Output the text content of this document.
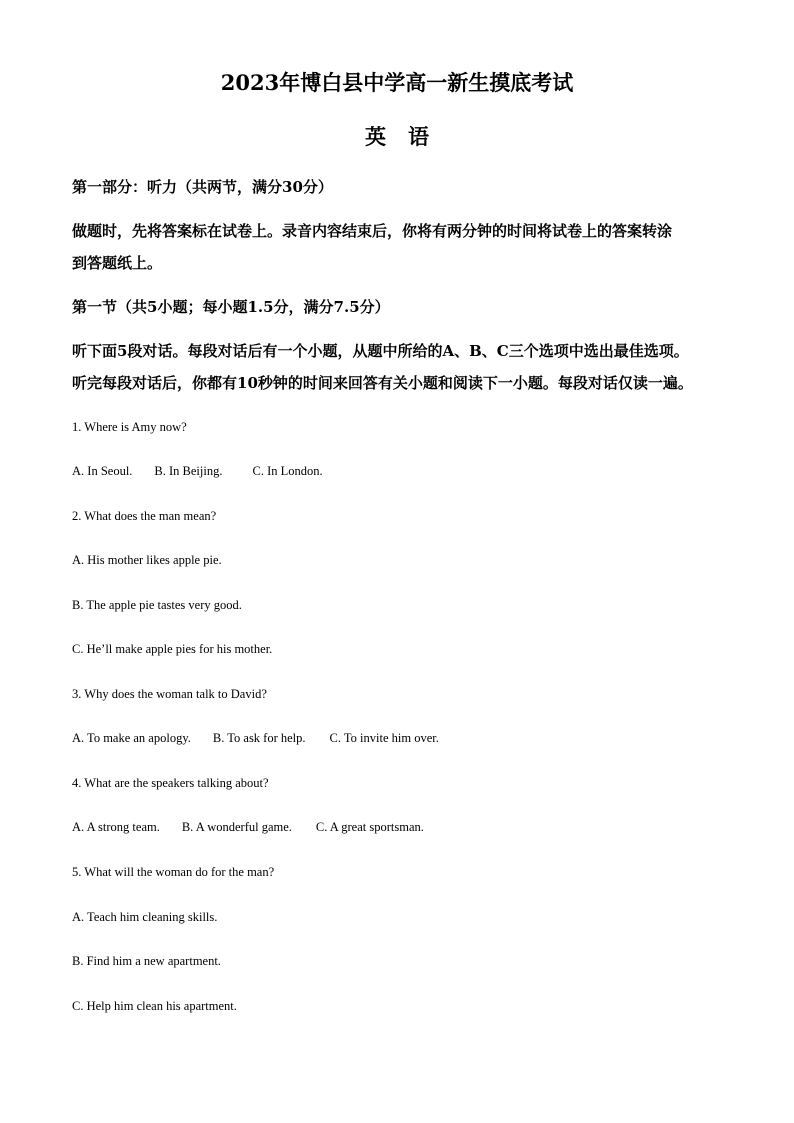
2023年博白县中学高一新生摸底考试
英 语
第一部分：听力（共两节，满分30分）
做题时，先将答案标在试卷上。录音内容结束后，你将有两分钟的时间将试卷上的答案转涂
到答题纸上。
第一节（共5小题；每小题1.5分，满分7.5分）
听下面5段对话。每段对话后有一个小题，从题中所给的A、B、C三个选项中选出最佳选项。
听完每段对话后，你都有10秒钟的时间来回答有关小题和阅读下一小题。每段对话仅读一遍。
1. Where is Amy now?
A. In Seoul. B. In Beijing. C. In London.
2. What does the man mean?
A. His mother likes apple pie.
B. The apple pie tastes very good.
C. He’ll make apple pies for his mother.
3. Why does the woman talk to David?
A. To make an apology. B. To ask for help. C. To invite him over.
4. What are the speakers talking about?
A. A strong team. B. A wonderful game. C. A great sportsman.
5. What will the woman do for the man?
A. Teach him cleaning skills.
B. Find him a new apartment.
C. Help him clean his apartment.
